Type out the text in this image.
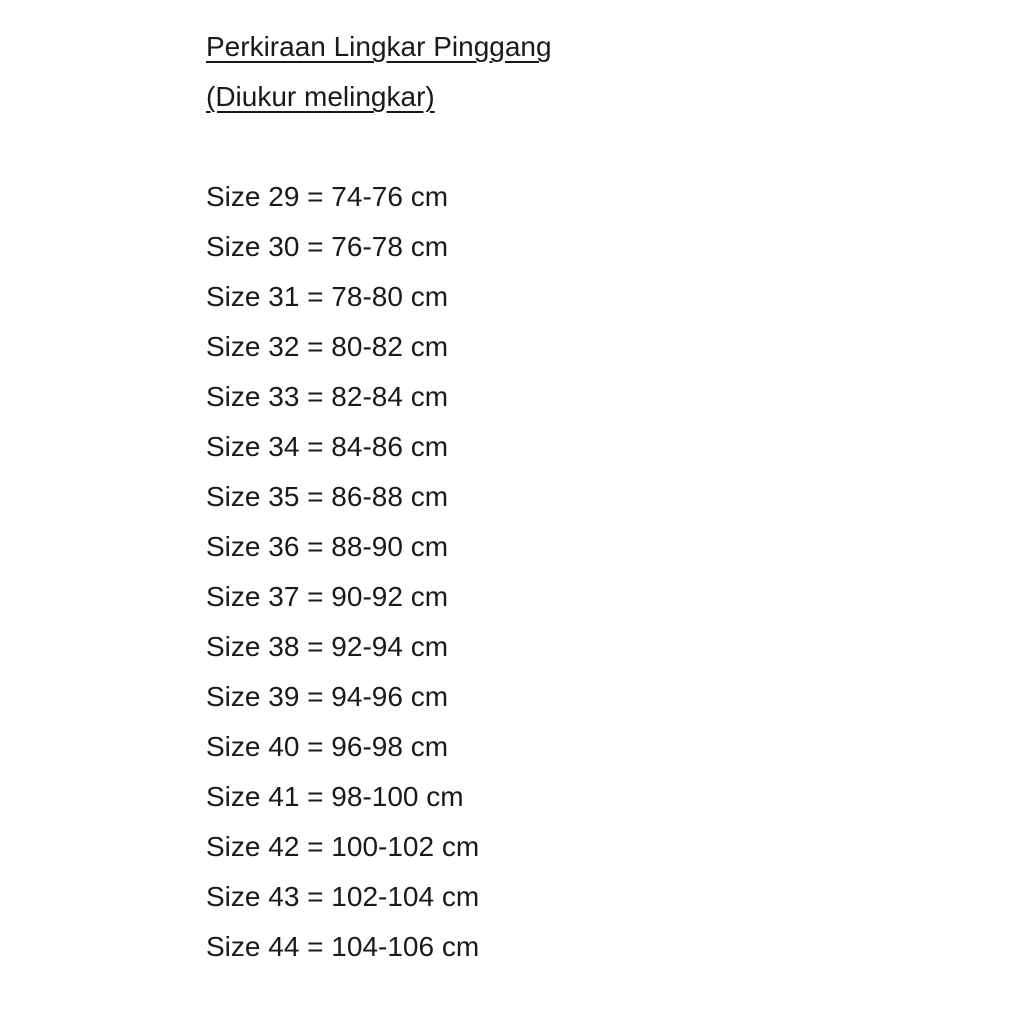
Perkiraan Lingkar Pinggang
(Diukur melingkar)
Size 29 = 74-76 cm
Size 30 = 76-78 cm
Size 31 = 78-80 cm
Size 32 = 80-82 cm
Size 33 = 82-84 cm
Size 34 = 84-86 cm
Size 35 = 86-88 cm
Size 36 = 88-90 cm
Size 37 = 90-92 cm
Size 38 = 92-94 cm
Size 39 = 94-96 cm
Size 40 = 96-98 cm
Size 41 = 98-100 cm
Size 42 = 100-102 cm
Size 43 = 102-104 cm
Size 44 = 104-106 cm
